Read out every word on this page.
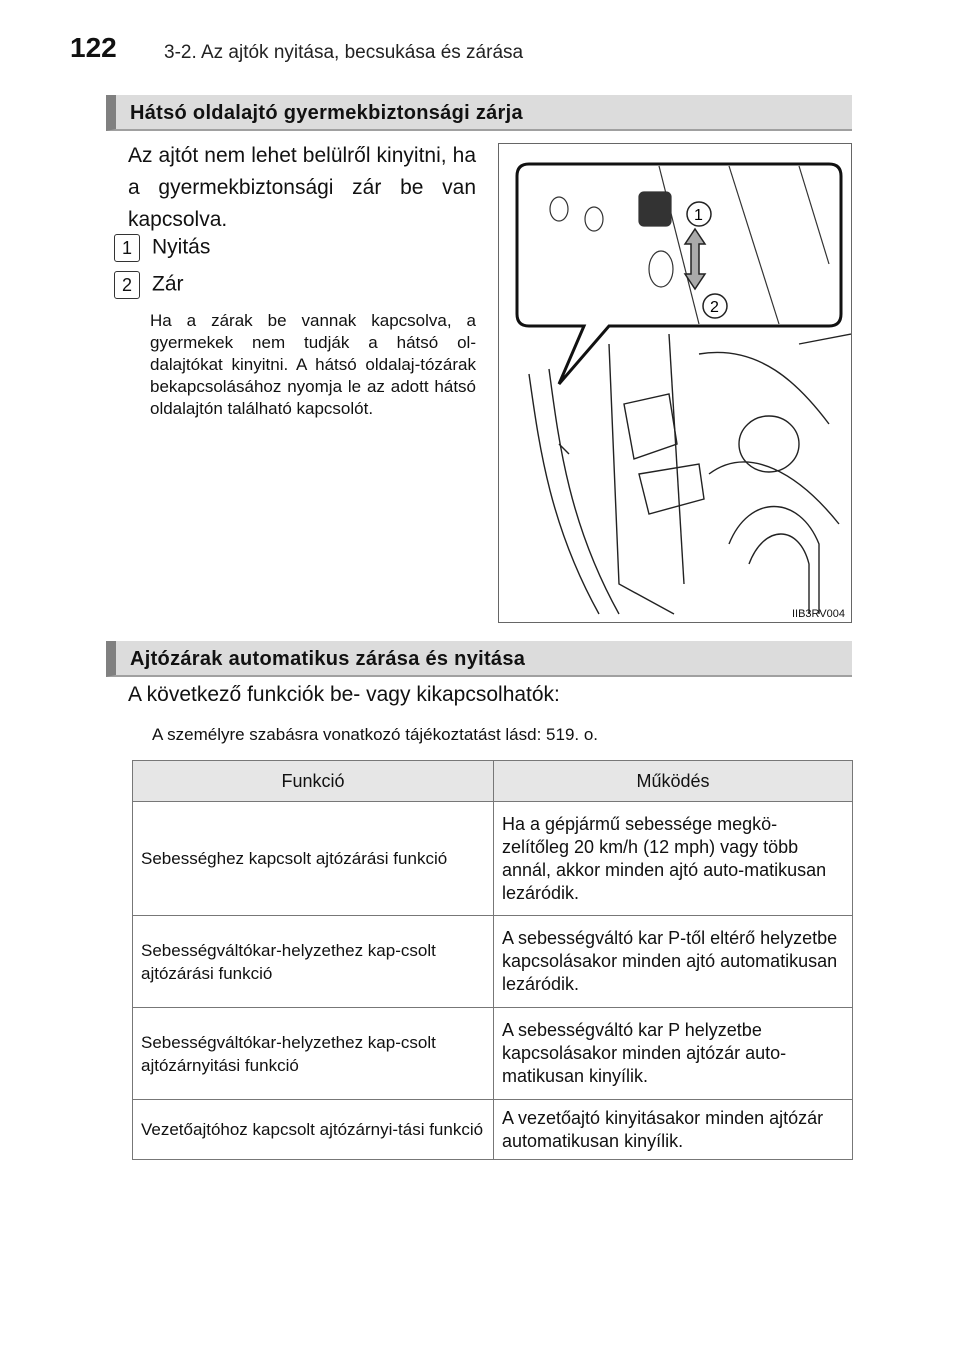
122 3-2. Az ajtók nyitása, becsukása és zárása
Hátsó oldalajtó gyermekbiztonsági zárja
Az ajtót nem lehet belülről kinyitni, ha a gyermekbiztonsági zár be van kapcsolva.
1 Nyitás
2 Zár
Ha a zárak be vannak kapcsolva, a gyermekek nem tudják a hátsó ol-dalajtókat kinyitni. A hátsó oldalaj-tózárak bekapcsolásához nyomja le az adott hátsó oldalajtón található kapcsolót.
1
2
IIB3RV004
Ajtózárak automatikus zárása és nyitása
A következő funkciók be- vagy kikapcsolhatók:
A személyre szabásra vonatkozó tájékoztatást lásd: 519. o.
Funkció	Működés
Sebességhez kapcsolt ajtózárási funkció	Ha a gépjármű sebessége megkö-zelítőleg 20 km/h (12 mph) vagy több annál, akkor minden ajtó auto-matikusan lezáródik.
Sebességváltókar-helyzethez kap-csolt ajtózárási funkció	A sebességváltó kar P-től eltérő helyzetbe kapcsolásakor minden ajtó automatikusan lezáródik.
Sebességváltókar-helyzethez kap-csolt ajtózárnyitási funkció	A sebességváltó kar P helyzetbe kapcsolásakor minden ajtózár auto-matikusan kinyílik.
Vezetőajtóhoz kapcsolt ajtózárnyi-tási funkció	A vezetőajtó kinyitásakor minden ajtózár automatikusan kinyílik.
